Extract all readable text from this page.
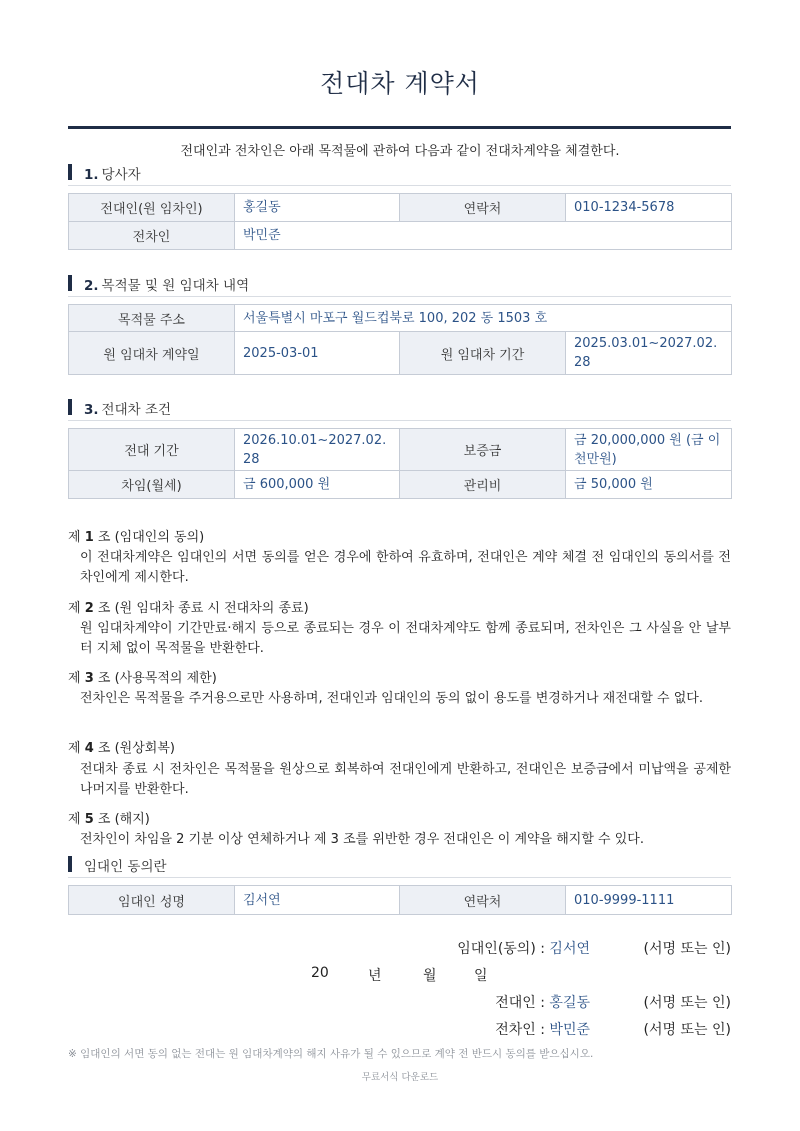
전대차 계약서
전대인과 전차인은 아래 목적물에 관하여 다음과 같이 전대차계약을 체결한다.
1. 당사자
전대인(원 임차인)	홍길동	연락처	010-1234-5678
전차인	박민준		
2. 목적물 및 원 임대차 내역
목적물 주소	서울특별시 마포구 월드컵북로 100, 202 동 1503 호		
원 임대차 계약일	2025-03-01	원 임대차 기간	2025.03.01~2027.02.28
3. 전대차 조건
전대 기간	2026.10.01~2027.02.28	보증금	금 20,000,000 원 (금 이천만원)
차임(월세)	금 600,000 원	관리비	금 50,000 원
제 1 조 (임대인의 동의)
이 전대차계약은 임대인의 서면 동의를 얻은 경우에 한하여 유효하며, 전대인은 계약 체결 전 임대인의 동의서를 전차인에게 제시한다.
제 2 조 (원 임대차 종료 시 전대차의 종료)
원 임대차계약이 기간만료·해지 등으로 종료되는 경우 이 전대차계약도 함께 종료되며, 전차인은 그 사실을 안 날부터 지체 없이 목적물을 반환한다.
제 3 조 (사용목적의 제한)
전차인은 목적물을 주거용으로만 사용하며, 전대인과 임대인의 동의 없이 용도를 변경하거나 재전대할 수 없다.
제 4 조 (원상회복)
전대차 종료 시 전차인은 목적물을 원상으로 회복하여 전대인에게 반환하고, 전대인은 보증금에서 미납액을 공제한 나머지를 반환한다.
제 5 조 (해지)
전차인이 차임을 2 기분 이상 연체하거나 제 3 조를 위반한 경우 전대인은 이 계약을 해지할 수 있다.
임대인 동의란
임대인 성명	김서연	연락처	010-9999-1111
임대인(동의) : 김서연	(서명 또는 인)
20	년	월	일
전대인 : 홍길동	(서명 또는 인)
전차인 : 박민준	(서명 또는 인)
※ 임대인의 서면 동의 없는 전대는 원 임대차계약의 해지 사유가 될 수 있으므로 계약 전 반드시 동의를 받으십시오.
무료서식 다운로드
